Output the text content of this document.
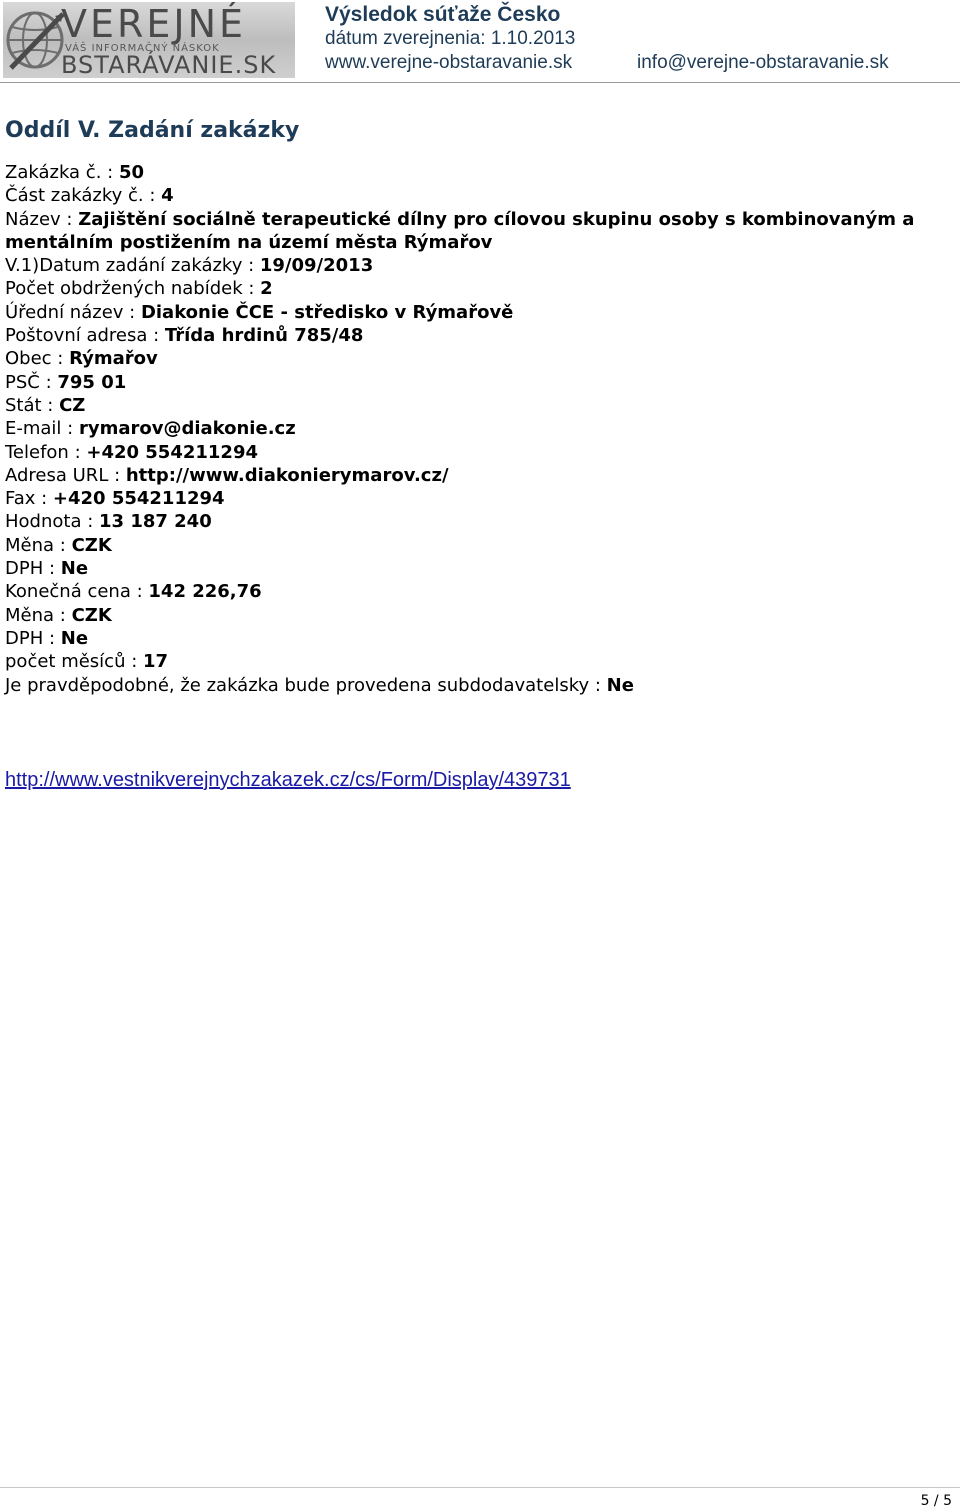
VEREJNÉ
VÁŠ INFORMAČNÝ NÁSKOK
BSTARÁVANIE.SK
Výsledok súťaže Česko
dátum zverejnenia: 1.10.2013
www.verejne-obstaravanie.sk	info@verejne-obstaravanie.sk
Oddíl V. Zadání zakázky
Zakázka č. : 50
Část zakázky č. : 4
Název : Zajištění sociálně terapeutické dílny pro cílovou skupinu osoby s kombinovaným a mentálním postižením na území města Rýmařov
V.1)Datum zadání zakázky : 19/09/2013
Počet obdržených nabídek : 2
Úřední název : Diakonie ČCE - středisko v Rýmařově
Poštovní adresa : Třída hrdinů 785/48
Obec : Rýmařov
PSČ : 795 01
Stát : CZ
E-mail : rymarov@diakonie.cz
Telefon : +420 554211294
Adresa URL : http://www.diakonierymarov.cz/
Fax : +420 554211294
Hodnota : 13 187 240
Měna : CZK
DPH : Ne
Konečná cena : 142 226,76
Měna : CZK
DPH : Ne
počet měsíců : 17
Je pravděpodobné, že zakázka bude provedena subdodavatelsky : Ne
http://www.vestnikverejnychzakazek.cz/cs/Form/Display/439731
5 / 5
